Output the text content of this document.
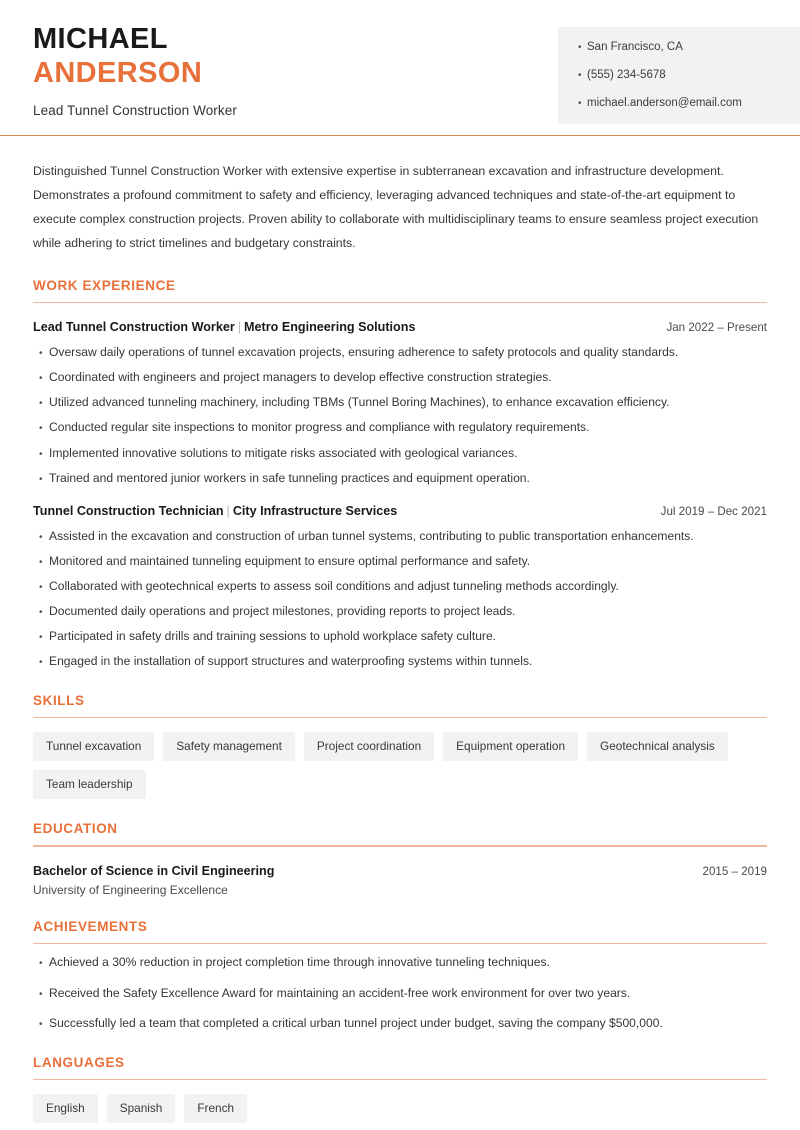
MICHAEL
ANDERSON
Lead Tunnel Construction Worker
• San Francisco, CA
• (555) 234-5678
• michael.anderson@email.com
Distinguished Tunnel Construction Worker with extensive expertise in subterranean excavation and infrastructure development. Demonstrates a profound commitment to safety and efficiency, leveraging advanced techniques and state-of-the-art equipment to execute complex construction projects. Proven ability to collaborate with multidisciplinary teams to ensure seamless project execution while adhering to strict timelines and budgetary constraints.
WORK EXPERIENCE
Lead Tunnel Construction Worker | Metro Engineering Solutions	Jan 2022 – Present
• Oversaw daily operations of tunnel excavation projects, ensuring adherence to safety protocols and quality standards.
• Coordinated with engineers and project managers to develop effective construction strategies.
• Utilized advanced tunneling machinery, including TBMs (Tunnel Boring Machines), to enhance excavation efficiency.
• Conducted regular site inspections to monitor progress and compliance with regulatory requirements.
• Implemented innovative solutions to mitigate risks associated with geological variances.
• Trained and mentored junior workers in safe tunneling practices and equipment operation.
Tunnel Construction Technician | City Infrastructure Services	Jul 2019 – Dec 2021
• Assisted in the excavation and construction of urban tunnel systems, contributing to public transportation enhancements.
• Monitored and maintained tunneling equipment to ensure optimal performance and safety.
• Collaborated with geotechnical experts to assess soil conditions and adjust tunneling methods accordingly.
• Documented daily operations and project milestones, providing reports to project leads.
• Participated in safety drills and training sessions to uphold workplace safety culture.
• Engaged in the installation of support structures and waterproofing systems within tunnels.
SKILLS
Tunnel excavation	Safety management	Project coordination	Equipment operation	Geotechnical analysis
Team leadership
EDUCATION
Bachelor of Science in Civil Engineering	2015 – 2019
University of Engineering Excellence
ACHIEVEMENTS
• Achieved a 30% reduction in project completion time through innovative tunneling techniques.
• Received the Safety Excellence Award for maintaining an accident-free work environment for over two years.
• Successfully led a team that completed a critical urban tunnel project under budget, saving the company $500,000.
LANGUAGES
English	Spanish	French
